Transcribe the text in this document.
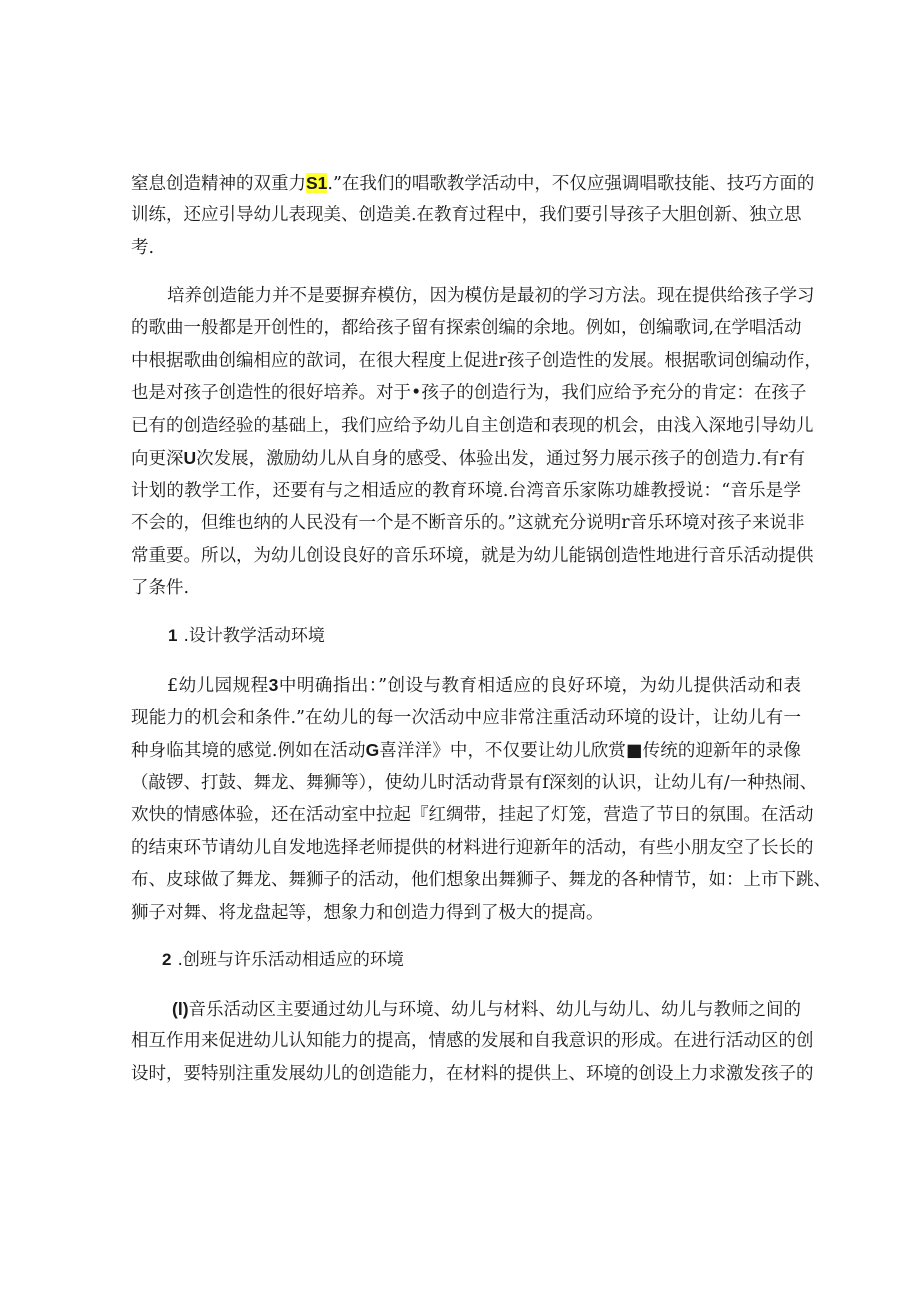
窒息创造精神的双重力S1.”在我们的唱歌教学活动中，不仅应强调唱歌技能、技巧方面的
训练，还应引导幼儿表现美、创造美.在教育过程中，我们要引导孩子大胆创新、独立思
考.
培养创造能力并不是要摒弃模仿，因为模仿是最初的学习方法。现在提供给孩子学习
的歌曲一般都是开创性的，都给孩子留有探索创编的余地。例如，创编歌词,在学唱活动
中根据歌曲创编相应的歆词，在很大程度上促进r孩子创造性的发展。根据歌词创编动作，
也是对孩子创造性的很好培养。对于•孩子的创造行为，我们应给予充分的肯定：在孩子
已有的创造经验的基础上，我们应给予幼儿自主创造和表现的机会，由浅入深地引导幼儿
向更深U次发展，激励幼儿从自身的感受、体验出发，通过努力展示孩子的创造力.有r有
计划的教学工作，还要有与之相适应的教育环境.台湾音乐家陈功雄教授说：“音乐是学
不会的，但维也纳的人民没有一个是不断音乐的。”这就充分说明r音乐环境对孩子来说非
常重要。所以，为幼儿创设良好的音乐环境，就是为幼儿能锅创造性地进行音乐活动提供
了条件.
1 .设计教学活动环境
£幼儿园规程3中明确指出：”创设与教育相适应的良好环境，为幼儿提供活动和表
现能力的机会和条件.”在幼儿的每一次活动中应非常注重活动环境的设计，让幼儿有一
种身临其境的感觉.例如在活动G喜洋洋》中，不仅要让幼儿欣赏■传统的迎新年的录像
（敲锣、打鼓、舞龙、舞狮等），使幼儿时活动背景有f深刻的认识，让幼儿有/一种热闹、
欢快的情感体验，还在活动室中拉起『红绸带，挂起了灯笼，营造了节日的氛围。在活动
的结束环节请幼儿自发地选择老师提供的材料进行迎新年的活动，有些小朋友空了长长的
布、皮球做了舞龙、舞狮子的活动，他们想象出舞狮子、舞龙的各种情节，如：上市下跳、
狮子对舞、将龙盘起等，想象力和创造力得到了极大的提高。
2 .创班与许乐活动相适应的环境
(l)音乐活动区主要通过幼儿与环境、幼儿与材料、幼儿与幼儿、幼儿与教师之间的
相互作用来促进幼儿认知能力的提高，情感的发展和自我意识的形成。在进行活动区的创
设时，要特别注重发展幼儿的创造能力，在材料的提供上、环境的创设上力求激发孩子的
